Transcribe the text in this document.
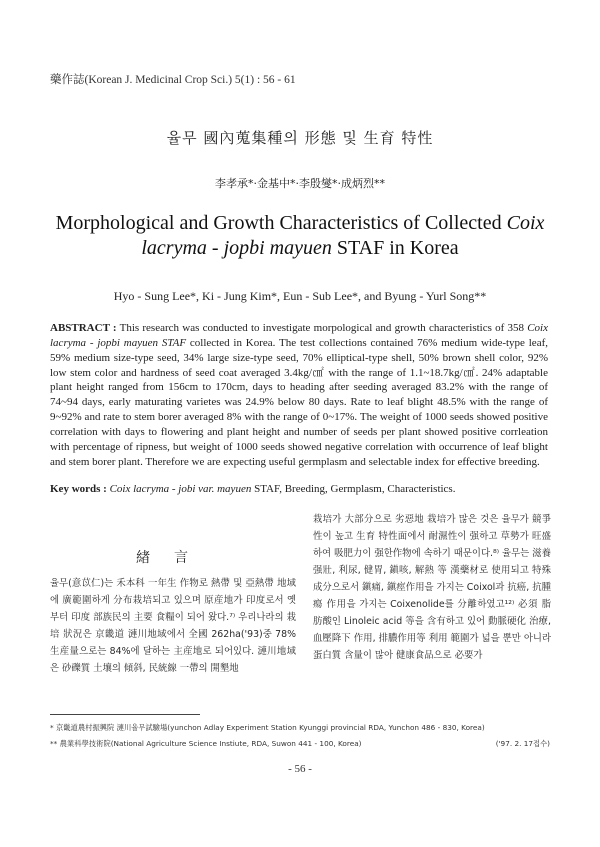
藥作誌(Korean J. Medicinal Crop Sci.) 5(1) : 56 - 61
율무 國內蒐集種의 形態 및 生育 特性
李孝承*·金基中*·李殷燮*·成炳烈**
Morphological and Growth Characteristics of Collected Coix lacryma - jopbi mayuen STAF in Korea
Hyo - Sung Lee*, Ki - Jung Kim*, Eun - Sub Lee*, and Byung - Yurl Song**
ABSTRACT : This research was conducted to investigate morpological and growth characteristics of 358 Coix lacryma - jopbi mayuen STAF collected in Korea. The test collections contained 76% medium wide-type leaf, 59% medium size-type seed, 34% large size-type seed, 70% elliptical-type shell, 50% brown shell color, 92% low stem color and hardness of seed coat averaged 3.4kg/㎠ with the range of 1.1~18.7kg/㎠. 24% adaptable plant height ranged from 156cm to 170cm, days to heading after seeding averaged 83.2% with the range of 74~94 days, early maturating varietes was 24.9% below 80 days. Rate to leaf blight 48.5% with the range of 9~92% and rate to stem borer averaged 8% with the range of 0~17%. The weight of 1000 seeds showed positive correlation with days to flowering and plant height and number of seeds per plant showed positive corrleation with percentage of ripness, but weight of 1000 seeds showed negative correlation with occurrence of leaf blight and stem borer plant. Therefore we are expecting useful germplasm and selectable index for effective breeding.
Key words : Coix lacryma - jobi var. mayuen STAF, Breeding, Germplasm, Characteristics.
緖言
율무(意苡仁)는 禾本科 一年生 作物로 熱帶 및 亞熱帶 地域에 廣範圍하게 分布栽培되고 있으며 原産地가 印度로서 옛부터 印度 部族民의 主要 食糧이 되어 왔다.⁷⁾ 우리나라의 栽培 狀況은 京畿道 漣川地域에서 全國 262ha('93)중 78% 生産量으로는 84%에 달하는 主産地로 되어있다. 漣川地域은 砂礫質 土壤의 傾斜, 民統線 一帶의 開墾地
栽培가 大部分으로 劣惡地 栽培가 많은 것은 율무가 競爭性이 높고 生育 特性面에서 耐濕性이 强하고 草勢가 旺盛하여 吸肥力이 强한作物에 속하기 때문이다.⁸⁾ 율무는 滋養强壯, 利尿, 健胃, 鎭咳, 解熱 等 漢藥材로 使用되고 特殊成分으로서 鎭痛, 鎭痙作用을 가지는 Coixol과 抗癌, 抗腫瘍 作用을 가지는 Coixenolide를 分離하였고¹²⁾ 必須 脂肪酸인 Linoleic acid 等을 含有하고 있어 動脈硬化 治療, 血壓降下 作用, 排膿作用等 利用 範圍가 넓을 뿐만 아니라 蛋白質 含量이 많아 健康食品으로 必要가
* 京畿道農村振興院 漣川율무試驗場(yunchon Adlay Experiment Station Kyunggi provincial RDA, Yunchon 486 - 830, Korea)
** 農業科學技術院(National Agriculture Science Instiute, RDA, Suwon 441 - 100, Korea)	('97. 2. 17접수)
- 56 -
